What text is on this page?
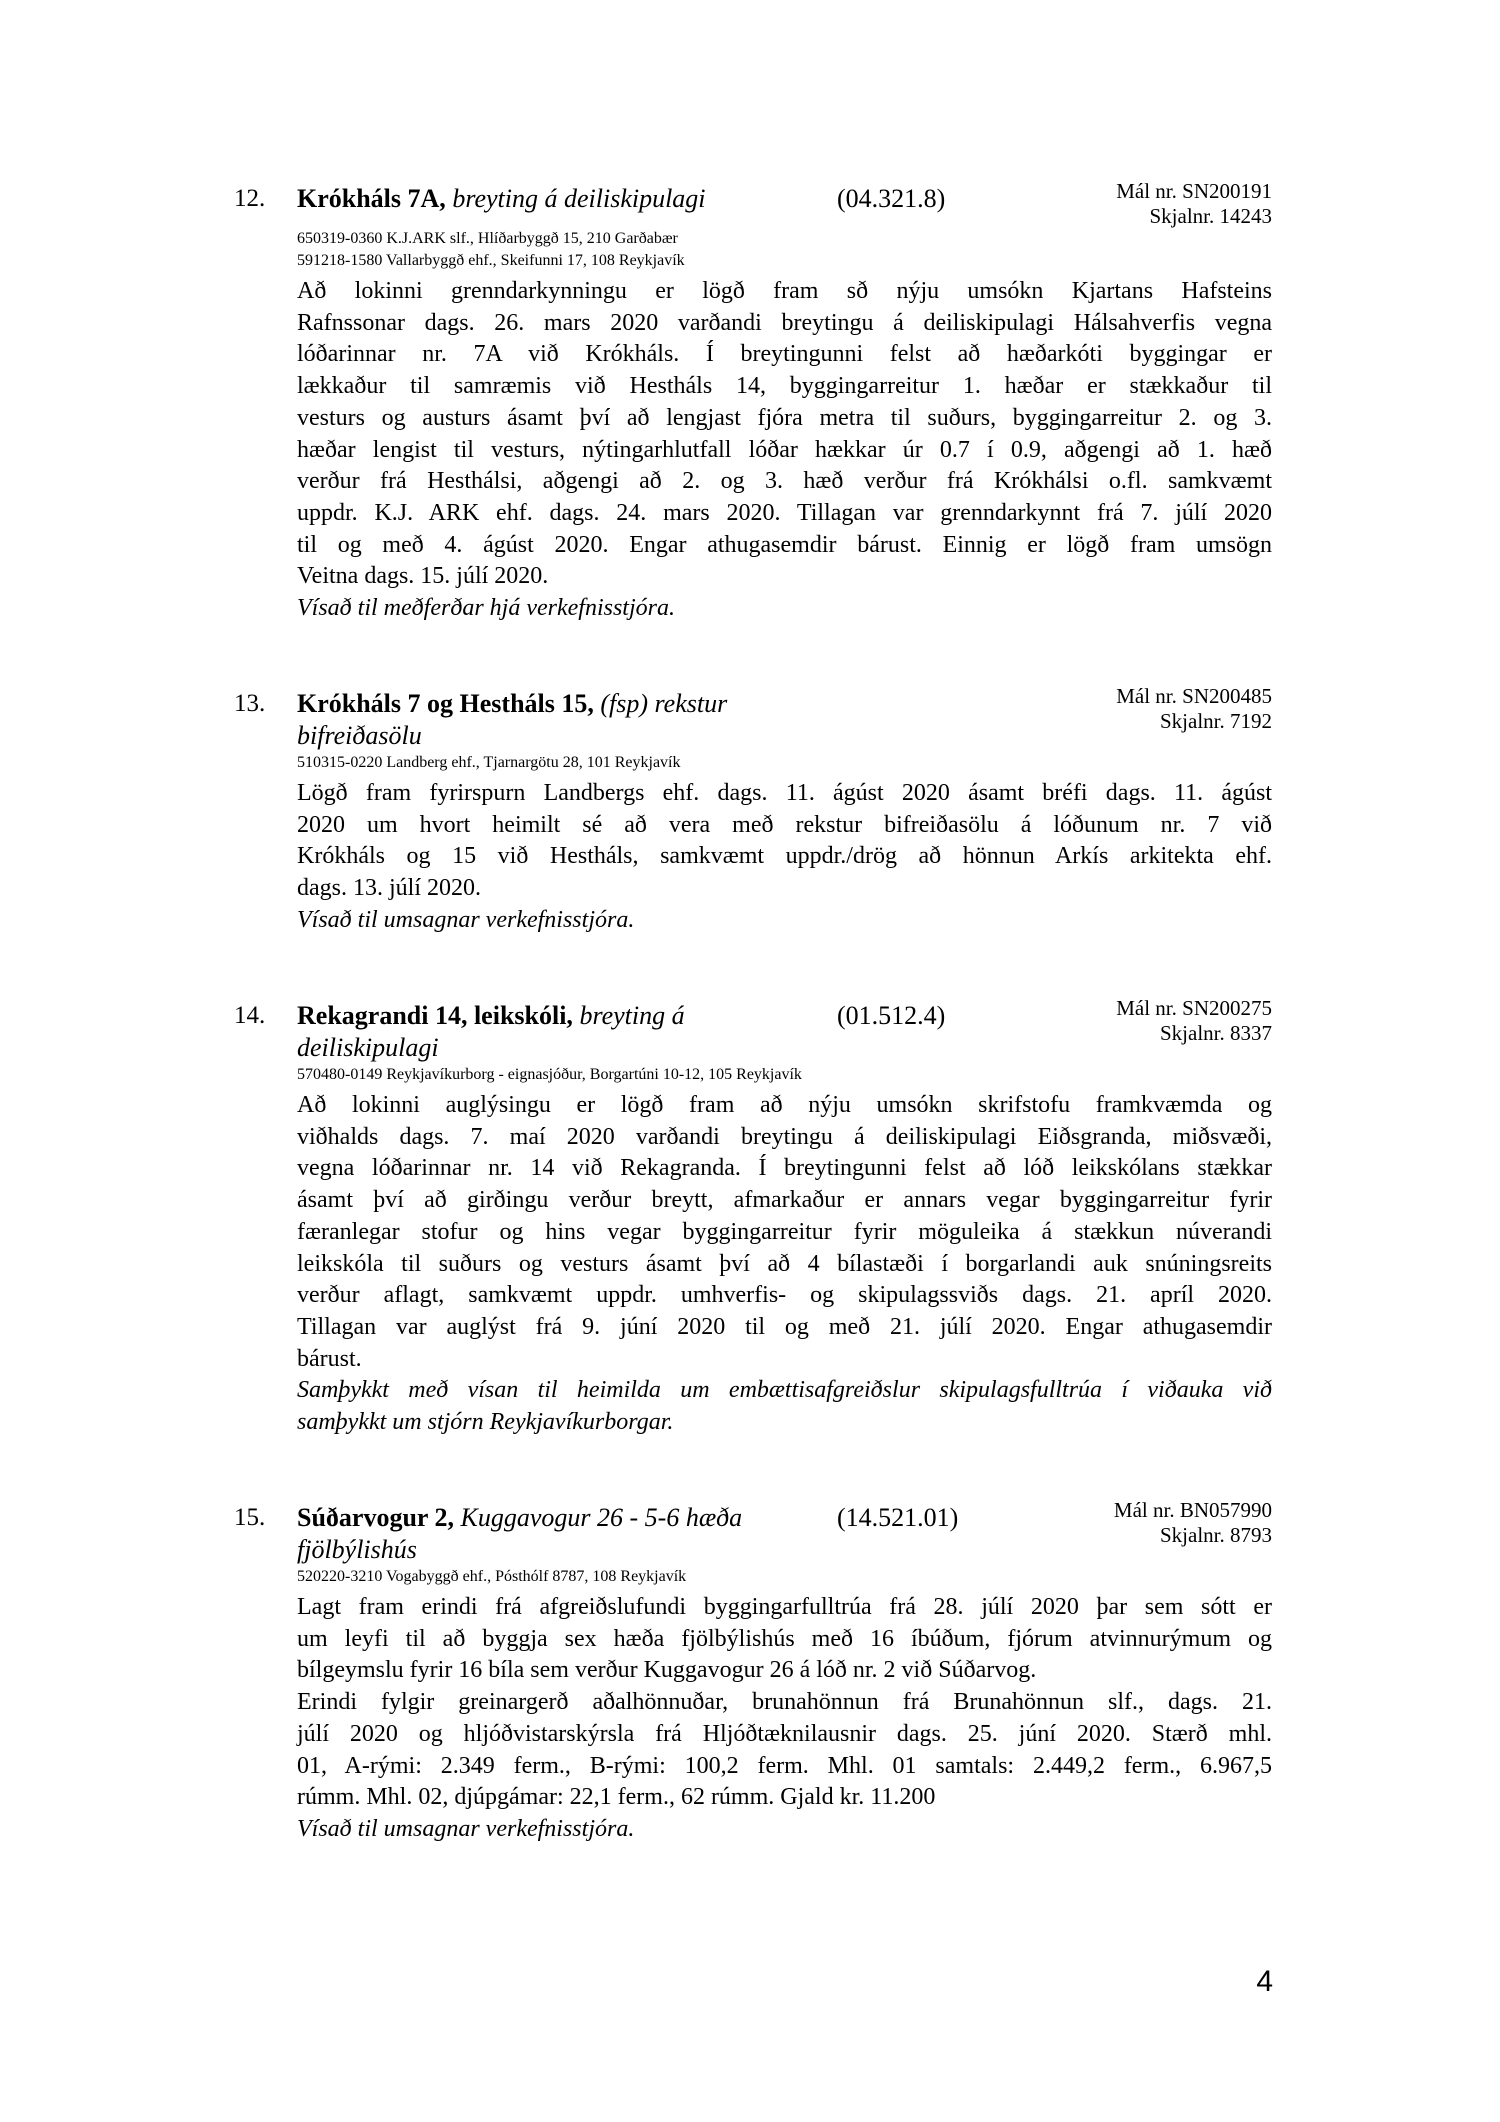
12. Krókháls 7A, breyting á deiliskipulagi	(04.321.8)	Mál nr. SN200191
Skjalnr. 14243
650319-0360 K.J.ARK slf., Hlíðarbyggð 15, 210 Garðabær
591218-1580 Vallarbyggð ehf., Skeifunni 17, 108 Reykjavík
Að lokinni grenndarkynningu er lögð fram sð nýju umsókn Kjartans Hafsteins
Rafnssonar dags. 26. mars 2020 varðandi breytingu á deiliskipulagi Hálsahverfis vegna
lóðarinnar nr. 7A við Krókháls. Í breytingunni felst að hæðarkóti byggingar er
lækkaður til samræmis við Hestháls 14, byggingarreitur 1. hæðar er stækkaður til
vesturs og austurs ásamt því að lengjast fjóra metra til suðurs, byggingarreitur 2. og 3.
hæðar lengist til vesturs, nýtingarhlutfall lóðar hækkar úr 0.7 í 0.9, aðgengi að 1. hæð
verður frá Hesthálsi, aðgengi að 2. og 3. hæð verður frá Krókhálsi o.fl. samkvæmt
uppdr. K.J. ARK ehf. dags. 24. mars 2020. Tillagan var grenndarkynnt frá 7. júlí 2020
til og með 4. ágúst 2020. Engar athugasemdir bárust. Einnig er lögð fram umsögn
Veitna dags. 15. júlí 2020.
Vísað til meðferðar hjá verkefnisstjóra.
13. Krókháls 7 og Hestháls 15, (fsp) rekstur
bifreiðasölu
Mál nr. SN200485
Skjalnr. 7192
510315-0220 Landberg ehf., Tjarnargötu 28, 101 Reykjavík
Lögð fram fyrirspurn Landbergs ehf. dags. 11. ágúst 2020 ásamt bréfi dags. 11. ágúst
2020 um hvort heimilt sé að vera með rekstur bifreiðasölu á lóðunum nr. 7 við
Krókháls og 15 við Hestháls, samkvæmt uppdr./drög að hönnun Arkís arkitekta ehf.
dags. 13. júlí 2020.
Vísað til umsagnar verkefnisstjóra.
14. Rekagrandi 14, leikskóli, breyting á
deiliskipulagi
(01.512.4)	Mál nr. SN200275
Skjalnr. 8337
570480-0149 Reykjavíkurborg - eignasjóður, Borgartúni 10-12, 105 Reykjavík
Að lokinni auglýsingu er lögð fram að nýju umsókn skrifstofu framkvæmda og
viðhalds dags. 7. maí 2020 varðandi breytingu á deiliskipulagi Eiðsgranda, miðsvæði,
vegna lóðarinnar nr. 14 við Rekagranda. Í breytingunni felst að lóð leikskólans stækkar
ásamt því að girðingu verður breytt, afmarkaður er annars vegar byggingarreitur fyrir
færanlegar stofur og hins vegar byggingarreitur fyrir möguleika á stækkun núverandi
leikskóla til suðurs og vesturs ásamt því að 4 bílastæði í borgarlandi auk snúningsreits
verður aflagt, samkvæmt uppdr. umhverfis- og skipulagssviðs dags. 21. apríl 2020.
Tillagan var auglýst frá 9. júní 2020 til og með 21. júlí 2020. Engar athugasemdir
bárust.
Samþykkt með vísan til heimilda um embættisafgreiðslur skipulagsfulltrúa í viðauka við
samþykkt um stjórn Reykjavíkurborgar.
15. Súðarvogur 2, Kuggavogur 26 - 5-6 hæða
fjölbýlishús
(14.521.01)	Mál nr. BN057990
Skjalnr. 8793
520220-3210 Vogabyggð ehf., Pósthólf 8787, 108 Reykjavík
Lagt fram erindi frá afgreiðslufundi byggingarfulltrúa frá 28. júlí 2020 þar sem sótt er
um leyfi til að byggja sex hæða fjölbýlishús með 16 íbúðum, fjórum atvinnurýmum og
bílgeymslu fyrir 16 bíla sem verður Kuggavogur 26 á lóð nr. 2 við Súðarvog.
Erindi fylgir greinargerð aðalhönnuðar, brunahönnun frá Brunahönnun slf., dags. 21.
júlí 2020 og hljóðvistarskýrsla frá Hljóðtæknilausnir dags. 25. júní 2020. Stærð mhl.
01, A-rými: 2.349 ferm., B-rými: 100,2 ferm. Mhl. 01 samtals: 2.449,2 ferm., 6.967,5
rúmm. Mhl. 02, djúpgámar: 22,1 ferm., 62 rúmm. Gjald kr. 11.200
Vísað til umsagnar verkefnisstjóra.
4
